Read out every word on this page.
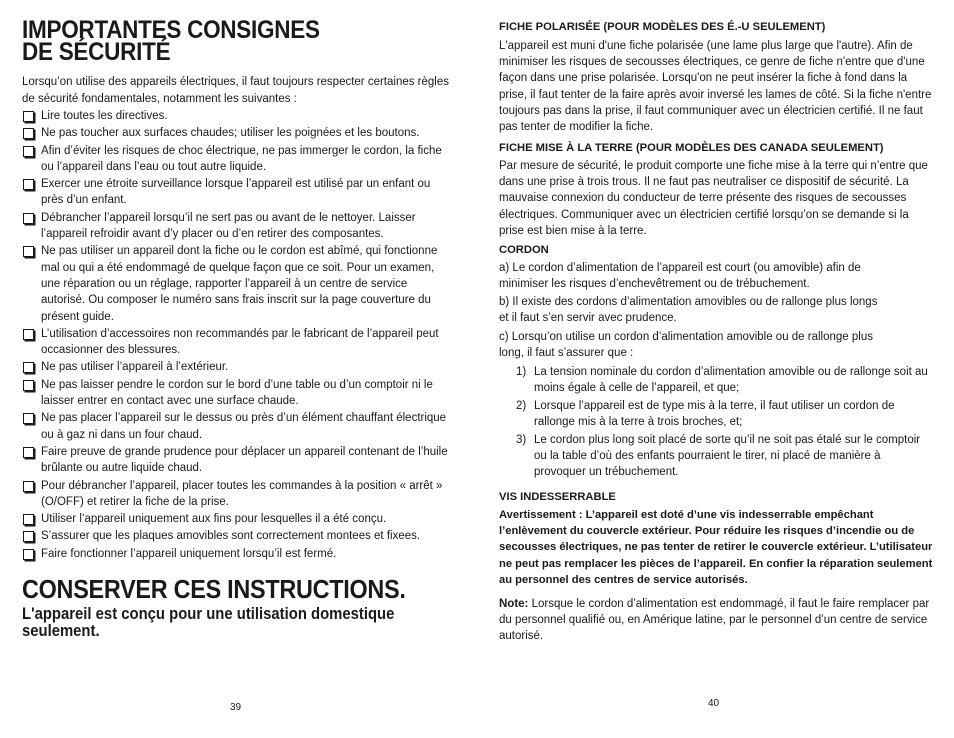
IMPORTANTES CONSIGNES
DE SÉCURITÉ
Lorsqu’on utilise des appareils électriques, il faut toujours respecter certaines règles de sécurité fondamentales, notamment les suivantes :
Lire toutes les directives.
Ne pas toucher aux surfaces chaudes; utiliser les poignées et les boutons.
Afin d’éviter les risques de choc électrique, ne pas immerger le cordon, la fiche ou l’appareil dans l’eau ou tout autre liquide.
Exercer une étroite surveillance lorsque l’appareil est utilisé par un enfant ou près d’un enfant.
Débrancher l’appareil lorsqu’il ne sert pas ou avant de le nettoyer. Laisser l’appareil refroidir avant d’y placer ou d’en retirer des composantes.
Ne pas utiliser un appareil dont la fiche ou le cordon est abîmé, qui fonctionne mal ou qui a été endommagé de quelque façon que ce soit. Pour un examen, une réparation ou un réglage, rapporter l’appareil à un centre de service autorisé. Ou composer le numéro sans frais inscrit sur la page couverture du présent guide.
L’utilisation d’accessoires non recommandés par le fabricant de l’appareil peut occasionner des blessures.
Ne pas utiliser l’appareil à l’extérieur.
Ne pas laisser pendre le cordon sur le bord d’une table ou d’un comptoir ni le laisser entrer en contact avec une surface chaude.
Ne pas placer l’appareil sur le dessus ou près d’un élément chauffant électrique ou à gaz ni dans un four chaud.
Faire preuve de grande prudence pour déplacer un appareil contenant de l’huile brûlante ou autre liquide chaud.
Pour débrancher l’appareil, placer toutes les commandes à la position « arrêt » (O/OFF) et retirer la fiche de la prise.
Utiliser l’appareil uniquement aux fins pour lesquelles il a été conçu.
S’assurer que les plaques amovibles sont correctement montees et fixees.
Faire fonctionner l’appareil uniquement lorsqu’il est fermé.
CONSERVER CES INSTRUCTIONS.
L'appareil est conçu pour une utilisation domestique seulement.
39
FICHE POLARISÉE (POUR MODÈLES DES É.-U SEULEMENT)
L'appareil est muni d'une fiche polarisée (une lame plus large que l'autre). Afin de minimiser les risques de secousses électriques, ce genre de fiche n'entre que d'une façon dans une prise polarisée. Lorsqu'on ne peut insérer la fiche à fond dans la prise, il faut tenter de la faire après avoir inversé les lames de côté. Si la fiche n'entre toujours pas dans la prise, il faut communiquer avec un électricien certifié. Il ne faut pas tenter de modifier la fiche.
FICHE MISE À LA TERRE (POUR MODÈLES DES CANADA SEULEMENT)
Par mesure de sécurité, le produit comporte une fiche mise à la terre qui n’entre que dans une prise à trois trous. Il ne faut pas neutraliser ce dispositif de sécurité. La mauvaise connexion du conducteur de terre présente des risques de secousses électriques. Communiquer avec un électricien certifié lorsqu’on se demande si la prise est bien mise à la terre.
CORDON
a) Le cordon d’alimentation de l’appareil est court (ou amovible) afin de minimiser les risques d’enchevêtrement ou de trébuchement.
b) Il existe des cordons d’alimentation amovibles ou de rallonge plus longs et il faut s’en servir avec prudence.
c) Lorsqu’on utilise un cordon d’alimentation amovible ou de rallonge plus long, il faut s’assurer que :
1) La tension nominale du cordon d’alimentation amovible ou de rallonge soit au moins égale à celle de l’appareil, et que;
2) Lorsque l’appareil est de type mis à la terre, il faut utiliser un cordon de rallonge mis à la terre à trois broches, et;
3) Le cordon plus long soit placé de sorte qu’il ne soit pas étalé sur le comptoir ou la table d’où des enfants pourraient le tirer, ni placé de manière à provoquer un trébuchement.
VIS INDESSERRABLE
Avertissement : L’appareil est doté d’une vis indesserrable empêchant l’enlèvement du couvercle extérieur. Pour réduire les risques d’incendie ou de secousses électriques, ne pas tenter de retirer le couvercle extérieur. L’utilisateur ne peut pas remplacer les pièces de l’appareil. En confier la réparation seulement au personnel des centres de service autorisés.
Note: Lorsque le cordon d’alimentation est endommagé, il faut le faire remplacer par du personnel qualifié ou, en Amérique latine, par le personnel d’un centre de service autorisé.
40
